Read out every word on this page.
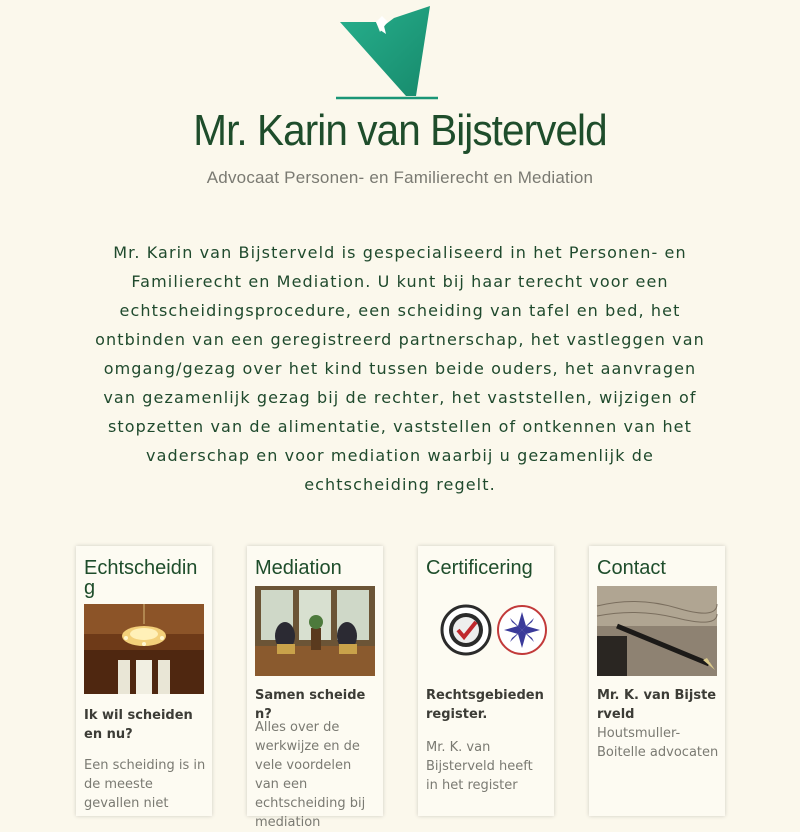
Mr. Karin van Bijsterveld
Advocaat Personen- en Familierecht en Mediation
Mr. Karin van Bijsterveld is gespecialiseerd in het Personen- en Familierecht en Mediation. U kunt bij haar terecht voor een echtscheidingsprocedure, een scheiding van tafel en bed, het ontbinden van een geregistreerd partnerschap, het vastleggen van omgang/gezag over het kind tussen beide ouders, het aanvragen van gezamenlijk gezag bij de rechter, het vaststellen, wijzigen of stopzetten van de alimentatie, vaststellen of ontkennen van het vaderschap en voor mediation waarbij u gezamenlijk de echtscheiding regelt.
Echtscheiding
Ik wil scheiden en nu?
Een scheiding is in de meeste gevallen niet
Mediation
Samen scheiden?
Alles over de werkwijze en de vele voordelen van een echtscheiding bij mediation
Certificering
Rechtsgebiedenregister.
Mr. K. van Bijsterveld heeft in het register
Contact
Mr. K. van Bijsterveld
Houtsmuller-Boitelle advocaten
